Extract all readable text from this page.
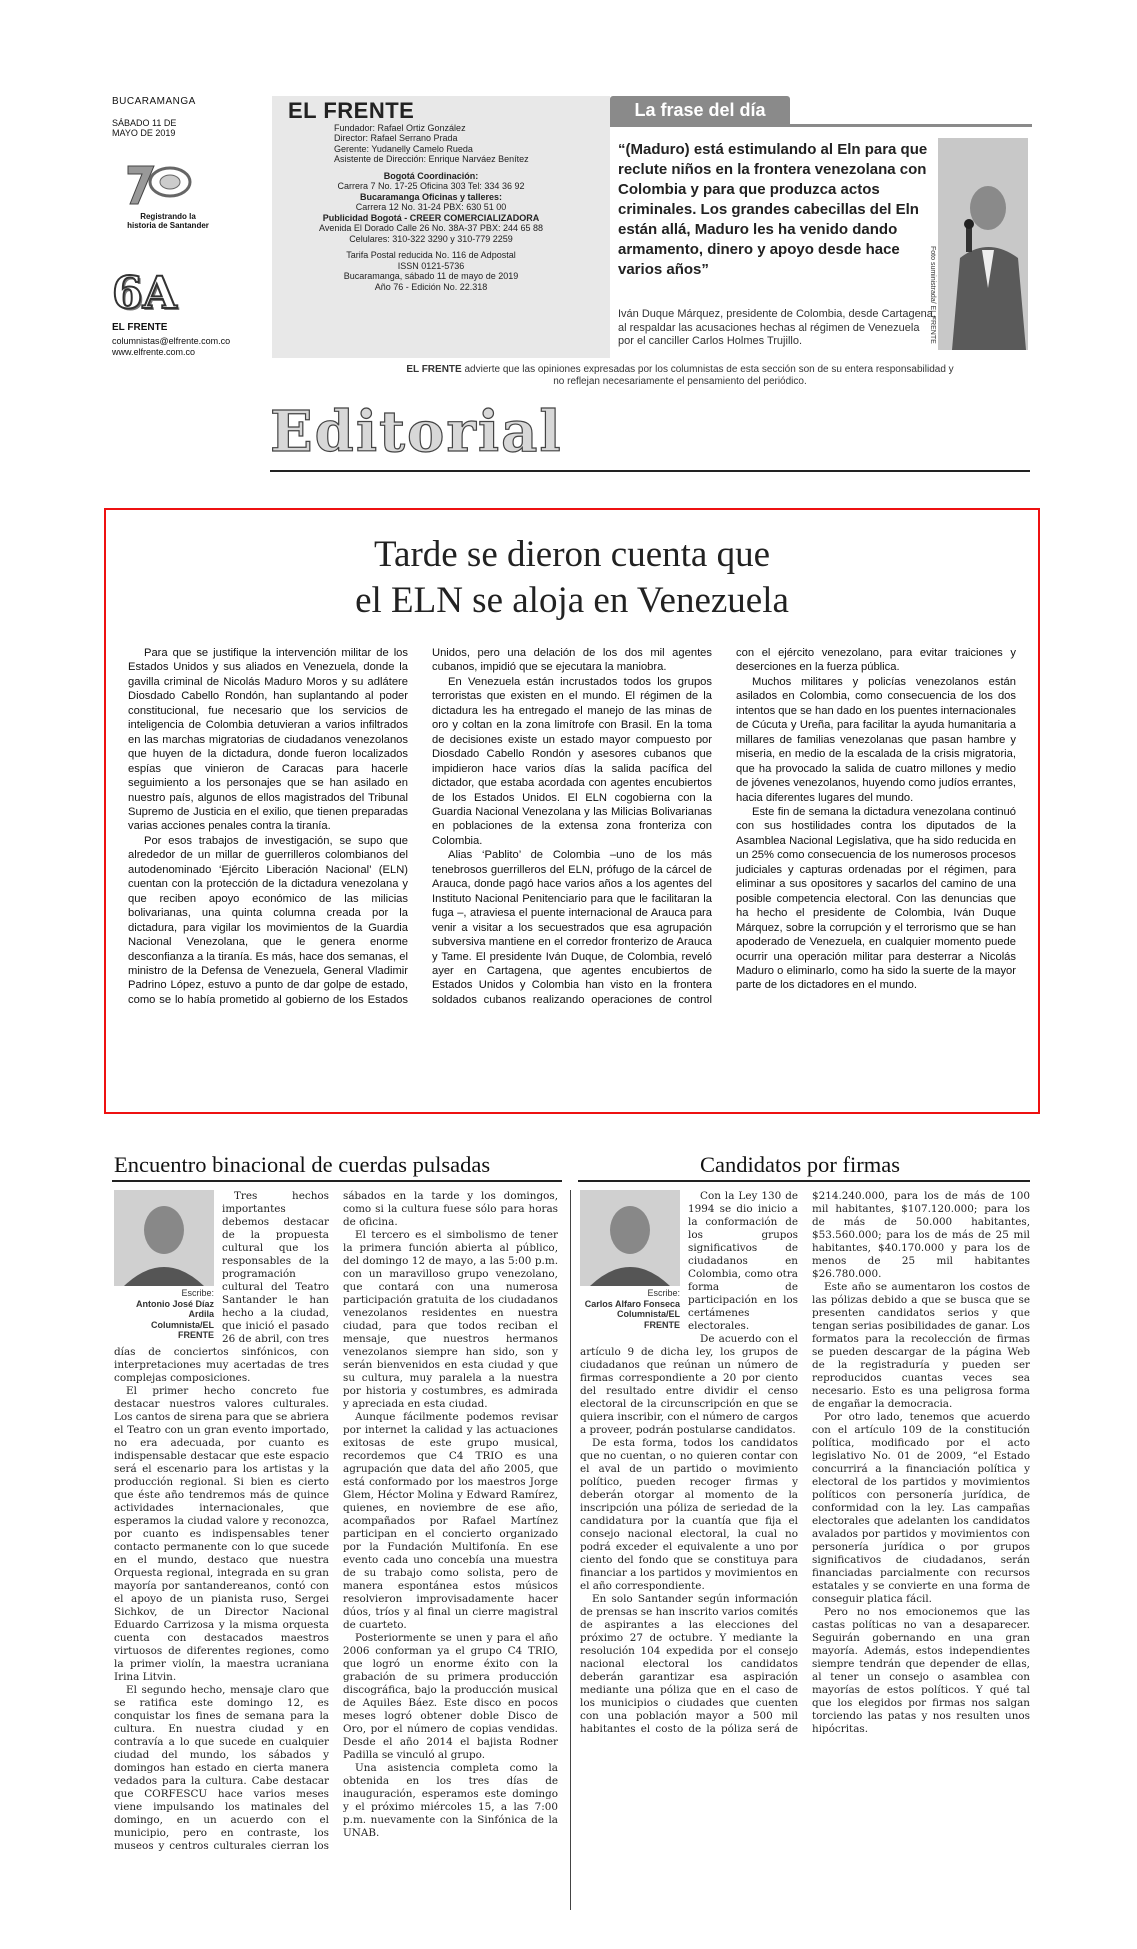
BUCARAMANGA
SÁBADO 11 DE MAYO DE 2019
Registrando la historia de Santander
6A
EL FRENTE
columnistas@elfrente.com.co
www.elfrente.com.co
EL FRENTE
Fundador: Rafael Ortiz González
Director: Rafael Serrano Prada
Gerente: Yudanelly Camelo Rueda
Asistente de Dirección: Enrique Narváez Benítez
Bogotá Coordinación:
Carrera 7 No. 17-25 Oficina 303 Tel: 334 36 92
Bucaramanga Oficinas y talleres:
Carrera 12 No. 31-24 PBX: 630 51 00
Publicidad Bogotá - CREER COMERCIALIZADORA
Avenida El Dorado Calle 26 No. 38A-37 PBX: 244 65 88
Celulares: 310-322 3290 y 310-779 2259
Tarifa Postal reducida No. 116 de Adpostal
ISSN 0121-5736
Bucaramanga, sábado 11 de mayo de 2019
Año 76 - Edición No. 22.318
La frase del día
“(Maduro) está estimulando al Eln para que reclute niños en la frontera venezolana con Colombia y para que produzca actos criminales. Los grandes cabecillas del Eln están allá, Maduro les ha venido dando armamento, dinero y apoyo desde hace varios años”
Iván Duque Márquez, presidente de Colombia, desde Cartagena, al respaldar las acusaciones hechas al régimen de Venezuela por el canciller Carlos Holmes Trujillo.	Foto suministrada/ EL FRENTE
EL FRENTE advierte que las opiniones expresadas por los columnistas de esta sección son de su entera responsabilidad y no reflejan necesariamente el pensamiento del periódico.
Editorial
Tarde se dieron cuenta que
el ELN se aloja en Venezuela

Para que se justifique la intervención militar de los Estados Unidos y sus aliados en Venezuela, donde la gavilla criminal de Nicolás Maduro Moros y su adlátere Diosdado Cabello Rondón, han suplantando al poder constitucional, fue necesario que los servicios de inteligencia de Colombia detuvieran a varios infiltrados en las marchas migratorias de ciudadanos venezolanos que huyen de la dictadura, donde fueron localizados espías que vinieron de Caracas para hacerle seguimiento a los personajes que se han asilado en nuestro país, algunos de ellos magistrados del Tribunal Supremo de Justicia en el exilio, que tienen preparadas varias acciones penales contra la tiranía.

Por esos trabajos de investigación, se supo que alrededor de un millar de guerrilleros colombianos del autodenominado ‘Ejército Liberación Nacional’ (ELN) cuentan con la protección de la dictadura venezolana y que reciben apoyo económico de las milicias bolivarianas, una quinta columna creada por la dictadura, para vigilar los movimientos de la Guardia Nacional Venezolana, que le genera enorme desconfianza a la tiranía. Es más, hace dos semanas, el ministro de la Defensa de Venezuela, General Vladimir Padrino López, estuvo a punto de dar golpe de estado, como se lo había prometido al gobierno de los Estados Unidos, pero una delación de los dos mil agentes cubanos, impidió que se ejecutara la maniobra.

En Venezuela están incrustados todos los grupos terroristas que existen en el mundo. El régimen de la dictadura les ha entregado el manejo de las minas de oro y coltan en la zona limítrofe con Brasil. En la toma de decisiones existe un estado mayor compuesto por Diosdado Cabello Rondón y asesores cubanos que impidieron hace varios días la salida pacífica del dictador, que estaba acordada con agentes encubiertos de los Estados Unidos. El ELN cogobierna con la Guardia Nacional Venezolana y las Milicias Bolivarianas en poblaciones de la extensa zona fronteriza con Colombia.

Alias ‘Pablito’ de Colombia –uno de los más tenebrosos guerrilleros del ELN, prófugo de la cárcel de Arauca, donde pagó hace varios años a los agentes del Instituto Nacional Penitenciario para que le facilitaran la fuga –, atraviesa el puente internacional de Arauca para venir a visitar a los secuestrados que esa agrupación subversiva mantiene en el corredor fronterizo de Arauca y Tame. El presidente Iván Duque, de Colombia, reveló ayer en Cartagena, que agentes encubiertos de Estados Unidos y Colombia han visto en la frontera soldados cubanos realizando operaciones de control con el ejército venezolano, para evitar traiciones y deserciones en la fuerza pública.

Muchos militares y policías venezolanos están asilados en Colombia, como consecuencia de los dos intentos que se han dado en los puentes internacionales de Cúcuta y Ureña, para facilitar la ayuda humanitaria a millares de familias venezolanas que pasan hambre y miseria, en medio de la escalada de la crisis migratoria, que ha provocado la salida de cuatro millones y medio de jóvenes venezolanos, huyendo como judíos errantes, hacia diferentes lugares del mundo.

Este fin de semana la dictadura venezolana continuó con sus hostilidades contra los diputados de la Asamblea Nacional Legislativa, que ha sido reducida en un 25% como consecuencia de los numerosos procesos judiciales y capturas ordenadas por el régimen, para eliminar a sus opositores y sacarlos del camino de una posible competencia electoral. Con las denuncias que ha hecho el presidente de Colombia, Iván Duque Márquez, sobre la corrupción y el terrorismo que se han apoderado de Venezuela, en cualquier momento puede ocurrir una operación militar para desterrar a Nicolás Maduro o eliminarlo, como ha sido la suerte de la mayor parte de los dictadores en el mundo.

Encuentro binacional de cuerdas pulsadas
Escribe:
Antonio José Díaz Ardila
Columnista/EL FRENTE

Tres hechos importantes debemos destacar de la propuesta cultural que los responsables de la programación cultural del Teatro Santander le han hecho a la ciudad, que inició el pasado 26 de abril, con tres días de conciertos sinfónicos, con interpretaciones muy acertadas de tres complejas composiciones.

El primer hecho concreto fue destacar nuestros valores culturales. Los cantos de sirena para que se abriera el Teatro con un gran evento importado, no era adecuada, por cuanto es indispensable destacar que este espacio será el escenario para los artistas y la producción regional. Si bien es cierto que éste año tendremos más de quince actividades internacionales, que esperamos la ciudad valore y reconozca, por cuanto es indispensables tener contacto permanente con lo que sucede en el mundo, destaco que nuestra Orquesta regional, integrada en su gran mayoría por santandereanos, contó con el apoyo de un pianista ruso, Sergei Sichkov, de un Director Nacional Eduardo Carrizosa y la misma orquesta cuenta con destacados maestros virtuosos de diferentes regiones, como la primer violín, la maestra ucraniana Irina Litvin.

El segundo hecho, mensaje claro que se ratifica este domingo 12, es conquistar los fines de semana para la cultura. En nuestra ciudad y en contravía a lo que sucede en cualquier ciudad del mundo, los sábados y domingos han estado en cierta manera vedados para la cultura. Cabe destacar que CORFESCU hace varios meses viene impulsando los matinales del domingo, en un acuerdo con el municipio, pero en contraste, los museos y centros culturales cierran los sábados en la tarde y los domingos, como si la cultura fuese sólo para horas de oficina.

El tercero es el simbolismo de tener la primera función abierta al público, del domingo 12 de mayo, a las 5:00 p.m. con un maravilloso grupo venezolano, que contará con una numerosa participación gratuita de los ciudadanos venezolanos residentes en nuestra ciudad, para que todos reciban el mensaje, que nuestros hermanos venezolanos siempre han sido, son y serán bienvenidos en esta ciudad y que su cultura, muy paralela a la nuestra por historia y costumbres, es admirada y apreciada en esta ciudad.

Aunque fácilmente podemos revisar por internet la calidad y las actuaciones exitosas de este grupo musical, recordemos que C4 TRIO es una agrupación que data del año 2005, que está conformado por los maestros Jorge Glem, Héctor Molina y Edward Ramírez, quienes, en noviembre de ese año, acompañados por Rafael Martínez participan en el concierto organizado por la Fundación Multifonía. En ese evento cada uno concebía una muestra de su trabajo como solista, pero de manera espontánea estos músicos resolvieron improvisadamente hacer dúos, tríos y al final un cierre magistral de cuarteto.

Posteriormente se unen y para el año 2006 conforman ya el grupo C4 TRIO, que logró un enorme éxito con la grabación de su primera producción discográfica, bajo la producción musical de Aquiles Báez. Este disco en pocos meses logró obtener doble Disco de Oro, por el número de copias vendidas. Desde el año 2014 el bajista Rodner Padilla se vinculó al grupo.

Una asistencia completa como la obtenida en los tres días de inauguración, esperamos este domingo y el próximo miércoles 15, a las 7:00 p.m. nuevamente con la Sinfónica de la UNAB.

Candidatos por firmas
Escribe:
Carlos Alfaro Fonseca
Columnista/EL FRENTE

Con la Ley 130 de 1994 se dio inicio a la conformación de los grupos significativos de ciudadanos en Colombia, como otra forma de participación en los certámenes electorales.

De acuerdo con el artículo 9 de dicha ley, los grupos de ciudadanos que reúnan un número de firmas correspondiente a 20 por ciento del resultado entre dividir el censo electoral de la circunscripción en que se quiera inscribir, con el número de cargos a proveer, podrán postularse candidatos.

De esta forma, todos los candidatos que no cuentan, o no quieren contar con el aval de un partido o movimiento político, pueden recoger firmas y deberán otorgar al momento de la inscripción una póliza de seriedad de la candidatura por la cuantía que fija el consejo nacional electoral, la cual no podrá exceder el equivalente a uno por ciento del fondo que se constituya para financiar a los partidos y movimientos en el año correspondiente.

En solo Santander según información de prensas se han inscrito varios comités de aspirantes a las elecciones del próximo 27 de octubre. Y mediante la resolución 104 expedida por el consejo nacional electoral los candidatos deberán garantizar esa aspiración mediante una póliza que en el caso de los municipios o ciudades que cuenten con una población mayor a 500 mil habitantes el costo de la póliza será de $214.240.000, para los de más de 100 mil habitantes, $107.120.000; para los de más de 50.000 habitantes, $53.560.000; para los de más de 25 mil habitantes, $40.170.000 y para los de menos de 25 mil habitantes $26.780.000.

Este año se aumentaron los costos de las pólizas debido a que se busca que se presenten candidatos serios y que tengan serias posibilidades de ganar. Los formatos para la recolección de firmas se pueden descargar de la página Web de la registraduría y pueden ser reproducidos cuantas veces sea necesario. Esto es una peligrosa forma de engañar la democracia.

Por otro lado, tenemos que acuerdo con el artículo 109 de la constitución política, modificado por el acto legislativo No. 01 de 2009, “el Estado concurrirá a la financiación política y electoral de los partidos y movimientos políticos con personería jurídica, de conformidad con la ley. Las campañas electorales que adelanten los candidatos avalados por partidos y movimientos con personería jurídica o por grupos significativos de ciudadanos, serán financiadas parcialmente con recursos estatales y se convierte en una forma de conseguir platica fácil.

Pero no nos emocionemos que las castas políticas no van a desaparecer. Seguirán gobernando en una gran mayoría. Además, estos independientes siempre tendrán que depender de ellas, al tener un consejo o asamblea con mayorías de estos políticos. Y qué tal que los elegidos por firmas nos salgan torciendo las patas y nos resulten unos hipócritas.
